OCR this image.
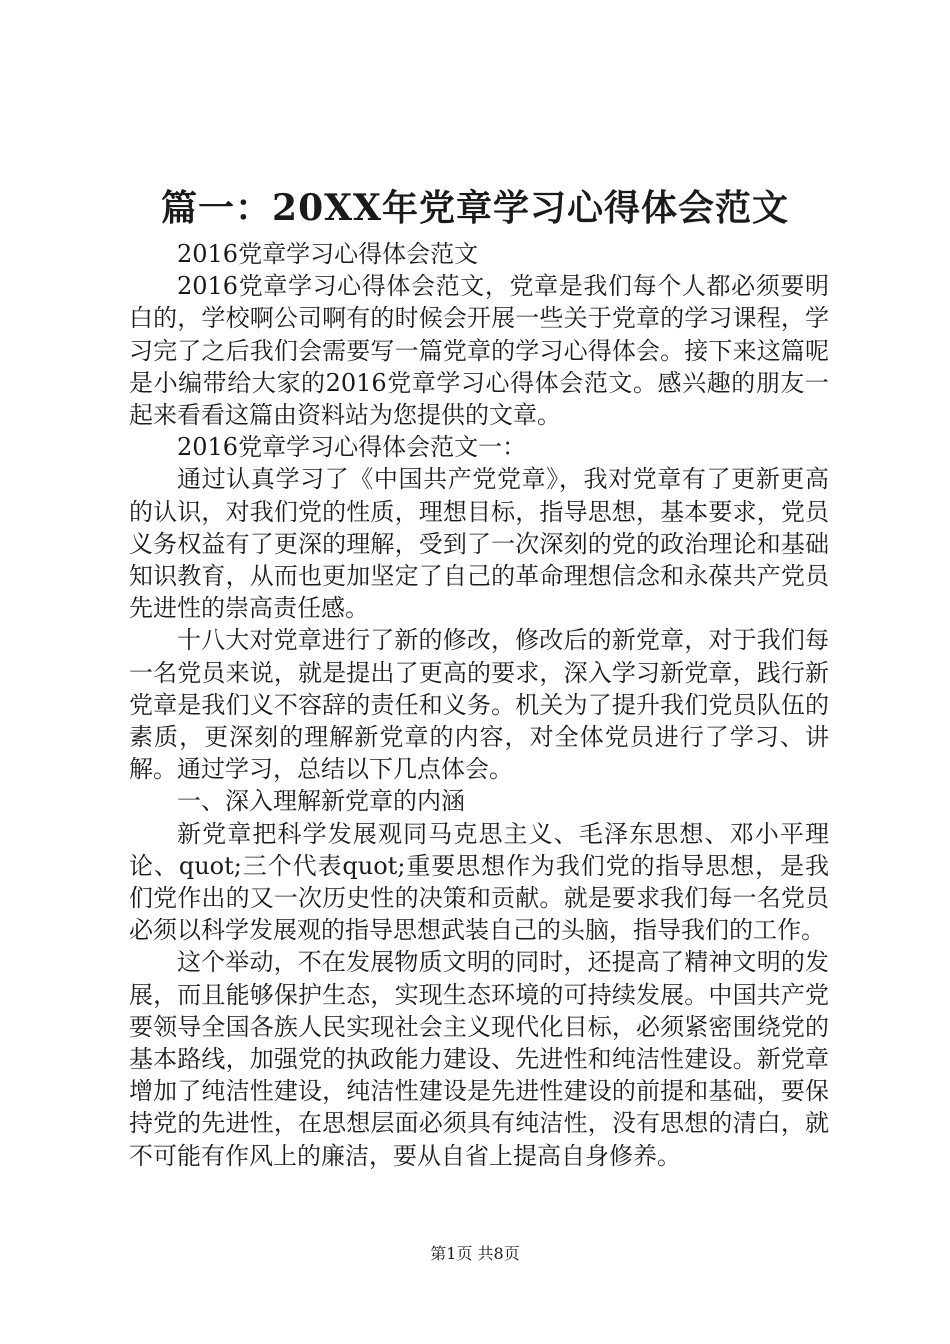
篇一：20XX年党章学习心得体会范文

2016党章学习心得体会范文

2016党章学习心得体会范文，党章是我们每个人都必须要明白的，学校啊公司啊有的时候会开展一些关于党章的学习课程，学习完了之后我们会需要写一篇党章的学习心得体会。接下来这篇呢是小编带给大家的2016党章学习心得体会范文。感兴趣的朋友一起来看看这篇由资料站为您提供的文章。

2016党章学习心得体会范文一：

通过认真学习了《中国共产党党章》，我对党章有了更新更高的认识，对我们党的性质，理想目标，指导思想，基本要求，党员义务权益有了更深的理解，受到了一次深刻的党的政治理论和基础知识教育，从而也更加坚定了自己的革命理想信念和永葆共产党员先进性的崇高责任感。

十八大对党章进行了新的修改，修改后的新党章，对于我们每一名党员来说，就是提出了更高的要求，深入学习新党章，践行新党章是我们义不容辞的责任和义务。机关为了提升我们党员队伍的素质，更深刻的理解新党章的内容，对全体党员进行了学习、讲解。通过学习，总结以下几点体会。

一、深入理解新党章的内涵

新党章把科学发展观同马克思主义、毛泽东思想、邓小平理论、quot;三个代表quot;重要思想作为我们党的指导思想，是我们党作出的又一次历史性的决策和贡献。就是要求我们每一名党员必须以科学发展观的指导思想武装自己的头脑，指导我们的工作。

这个举动，不在发展物质文明的同时，还提高了精神文明的发展，而且能够保护生态，实现生态环境的可持续发展。中国共产党要领导全国各族人民实现社会主义现代化目标，必须紧密围绕党的基本路线，加强党的执政能力建设、先进性和纯洁性建设。新党章增加了纯洁性建设，纯洁性建设是先进性建设的前提和基础，要保持党的先进性，在思想层面必须具有纯洁性，没有思想的清白，就不可能有作风上的廉洁，要从自省上提高自身修养。

第1页 共8页
